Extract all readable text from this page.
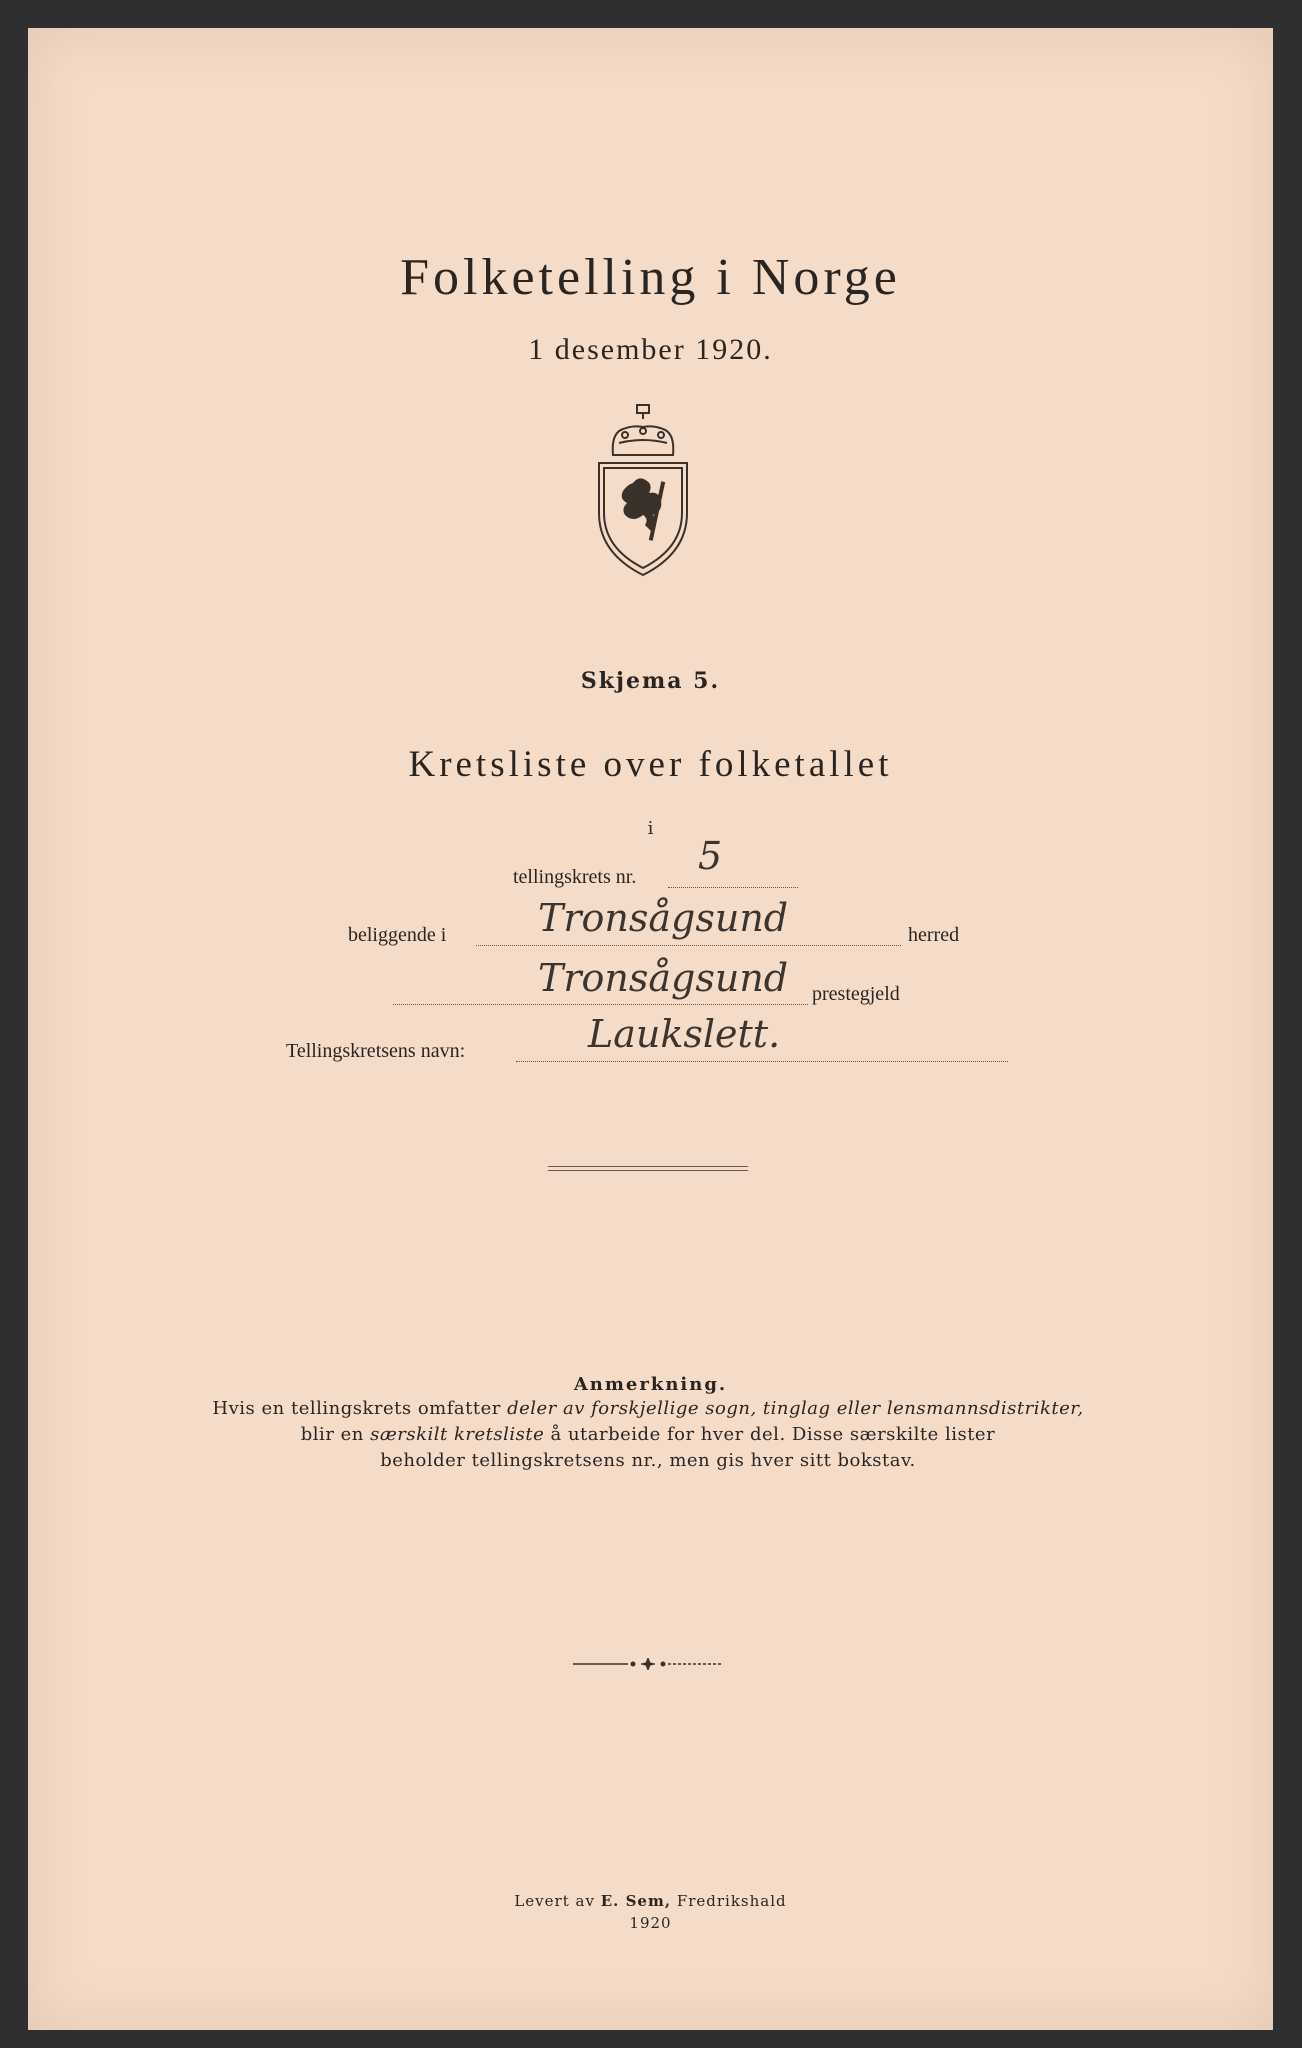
Folketelling i Norge
1 desember 1920.
Skjema 5.
Kretsliste over folketallet
i
tellingskrets nr. 5
beliggende i Tronsågsund	herred
Tronsågsund prestegjeld
Tellingskretsens navn:	Laukslett.
Anmerkning.
Hvis en tellingskrets omfatter deler av forskjellige sogn, tinglag eller lensmannsdistrikter,
blir en særskilt kretsliste å utarbeide for hver del. Disse særskilte lister
beholder tellingskretsens nr., men gis hver sitt bokstav.
Levert av E. Sem, Fredrikshald
1920
